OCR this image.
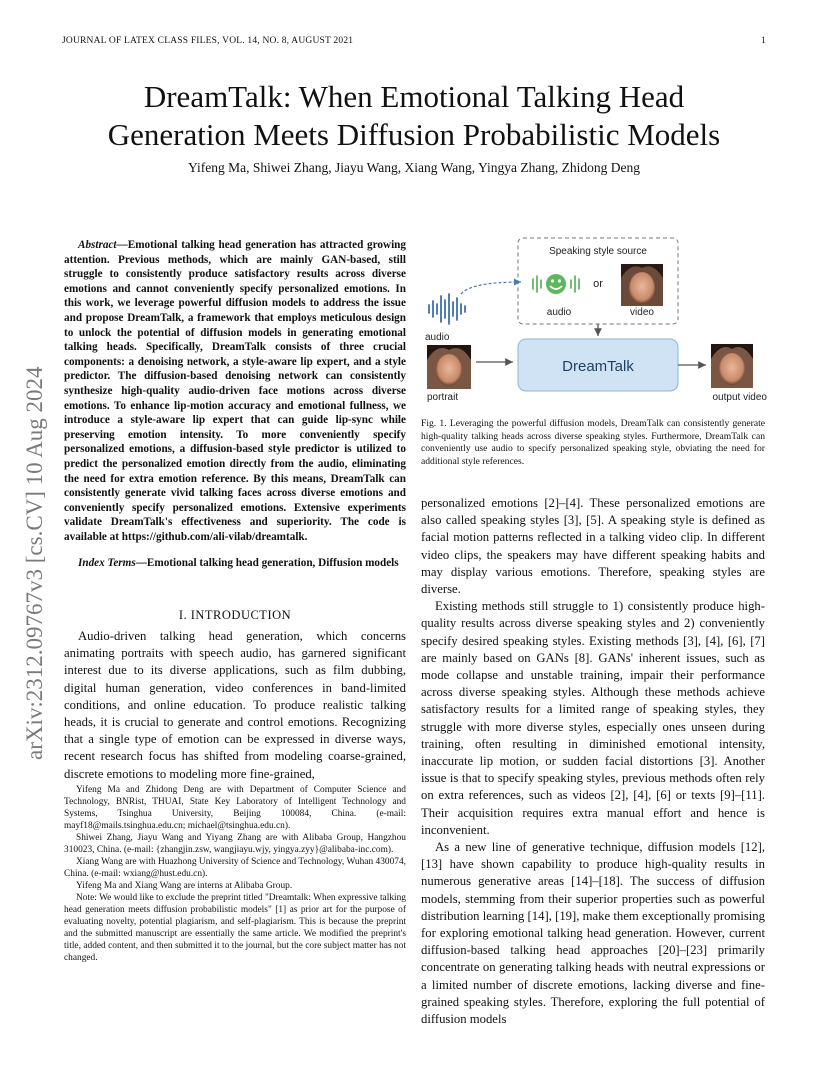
JOURNAL OF LATEX CLASS FILES, VOL. 14, NO. 8, AUGUST 2021	1
arXiv:2312.09767v3 [cs.CV] 10 Aug 2024
DreamTalk: When Emotional Talking Head
Generation Meets Diffusion Probabilistic Models
Yifeng Ma, Shiwei Zhang, Jiayu Wang, Xiang Wang, Yingya Zhang, Zhidong Deng

Abstract—Emotional talking head generation has attracted growing attention. Previous methods, which are mainly GAN-based, still struggle to consistently produce satisfactory results across diverse emotions and cannot conveniently specify personalized emotions. In this work, we leverage powerful diffusion models to address the issue and propose DreamTalk, a framework that employs meticulous design to unlock the potential of diffusion models in generating emotional talking heads. Specifically, DreamTalk consists of three crucial components: a denoising network, a style-aware lip expert, and a style predictor. The diffusion-based denoising network can consistently synthesize high-quality audio-driven face motions across diverse emotions. To enhance lip-motion accuracy and emotional fullness, we introduce a style-aware lip expert that can guide lip-sync while preserving emotion intensity. To more conveniently specify personalized emotions, a diffusion-based style predictor is utilized to predict the personalized emotion directly from the audio, eliminating the need for extra emotion reference. By this means, DreamTalk can consistently generate vivid talking faces across diverse emotions and conveniently specify personalized emotions. Extensive experiments validate DreamTalk's effectiveness and superiority. The code is available at https://github.com/ali-vilab/dreamtalk.

Index Terms—Emotional talking head generation, Diffusion models

I. INTRODUCTION

Audio-driven talking head generation, which concerns animating portraits with speech audio, has garnered significant interest due to its diverse applications, such as film dubbing, digital human generation, video conferences in band-limited conditions, and online education. To produce realistic talking heads, it is crucial to generate and control emotions. Recognizing that a single type of emotion can be expressed in diverse ways, recent research focus has shifted from modeling coarse-grained, discrete emotions to modeling more fine-grained,

Yifeng Ma and Zhidong Deng are with Department of Computer Science and Technology, BNRist, THUAI, State Key Laboratory of Intelligent Technology and Systems, Tsinghua University, Beijing 100084, China. (e-mail: mayf18@mails.tsinghua.edu.cn; michael@tsinghua.edu.cn).

Shiwei Zhang, Jiayu Wang and Yiyang Zhang are with Alibaba Group, Hangzhou 310023, China. (e-mail: {zhangjin.zsw, wangjiayu.wjy, yingya.zyy}@alibaba-inc.com).

Xiang Wang are with Huazhong University of Science and Technology, Wuhan 430074, China. (e-mail: wxiang@hust.edu.cn).

Yifeng Ma and Xiang Wang are interns at Alibaba Group.

Note: We would like to exclude the preprint titled "Dreamtalk: When expressive talking head generation meets diffusion probabilistic models" [1] as prior art for the purpose of evaluating novelty, potential plagiarism, and self-plagiarism. This is because the preprint and the submitted manuscript are essentially the same article. We modified the preprint's title, added content, and then submitted it to the journal, but the core subject matter has not changed.

Speaking style source
or
audio	video
audio
portrait
DreamTalk
output video
Fig. 1. Leveraging the powerful diffusion models, DreamTalk can consistently generate high-quality talking heads across diverse speaking styles. Furthermore, DreamTalk can conveniently use audio to specify personalized speaking style, obviating the need for additional style references.

personalized emotions [2]–[4]. These personalized emotions are also called speaking styles [3], [5]. A speaking style is defined as facial motion patterns reflected in a talking video clip. In different video clips, the speakers may have different speaking habits and may display various emotions. Therefore, speaking styles are diverse.

Existing methods still struggle to 1) consistently produce high-quality results across diverse speaking styles and 2) conveniently specify desired speaking styles. Existing methods [3], [4], [6], [7] are mainly based on GANs [8]. GANs' inherent issues, such as mode collapse and unstable training, impair their performance across diverse speaking styles. Although these methods achieve satisfactory results for a limited range of speaking styles, they struggle with more diverse styles, especially ones unseen during training, often resulting in diminished emotional intensity, inaccurate lip motion, or sudden facial distortions [3]. Another issue is that to specify speaking styles, previous methods often rely on extra references, such as videos [2], [4], [6] or texts [9]–[11]. Their acquisition requires extra manual effort and hence is inconvenient.

As a new line of generative technique, diffusion models [12], [13] have shown capability to produce high-quality results in numerous generative areas [14]–[18]. The success of diffusion models, stemming from their superior properties such as powerful distribution learning [14], [19], make them exceptionally promising for exploring emotional talking head generation. However, current diffusion-based talking head approaches [20]–[23] primarily concentrate on generating talking heads with neutral expressions or a limited number of discrete emotions, lacking diverse and fine-grained speaking styles. Therefore, exploring the full potential of diffusion models
